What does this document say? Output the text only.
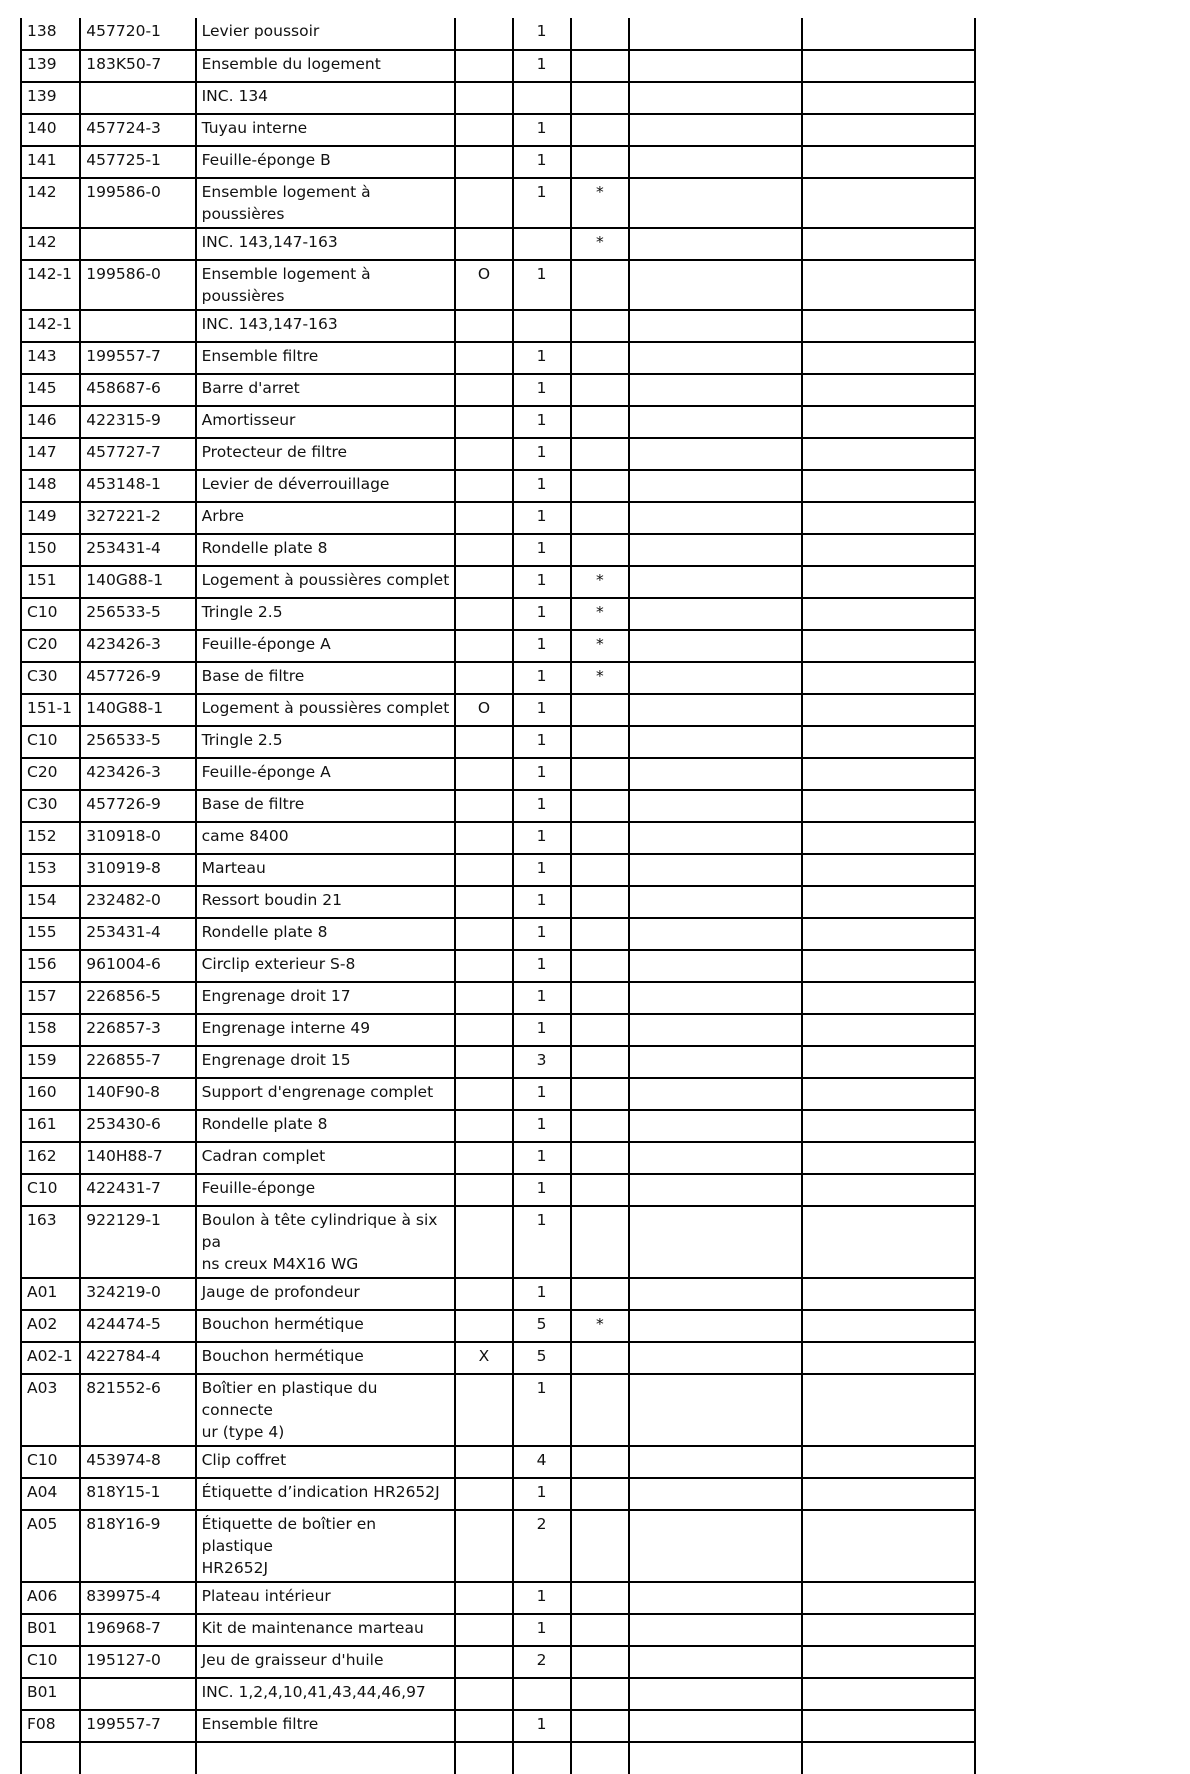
138	457720-1	Levier poussoir		1			
139	183K50-7	Ensemble du logement		1			
139		INC. 134					
140	457724-3	Tuyau interne		1			
141	457725-1	Feuille-éponge B		1			
142	199586-0	Ensemble logement à poussières		1	*		
142		INC. 143,147-163			*		
142-1	199586-0	Ensemble logement à poussières	O	1			
142-1		INC. 143,147-163					
143	199557-7	Ensemble filtre		1			
145	458687-6	Barre d'arret		1			
146	422315-9	Amortisseur		1			
147	457727-7	Protecteur de filtre		1			
148	453148-1	Levier de déverrouillage		1			
149	327221-2	Arbre		1			
150	253431-4	Rondelle plate 8		1			
151	140G88-1	Logement à poussières complet		1	*		
C10	256533-5	Tringle 2.5		1	*		
C20	423426-3	Feuille-éponge A		1	*		
C30	457726-9	Base de filtre		1	*		
151-1	140G88-1	Logement à poussières complet	O	1			
C10	256533-5	Tringle 2.5		1			
C20	423426-3	Feuille-éponge A		1			
C30	457726-9	Base de filtre		1			
152	310918-0	came 8400		1			
153	310919-8	Marteau		1			
154	232482-0	Ressort boudin 21		1			
155	253431-4	Rondelle plate 8		1			
156	961004-6	Circlip exterieur S-8		1			
157	226856-5	Engrenage droit 17		1			
158	226857-3	Engrenage interne 49		1			
159	226855-7	Engrenage droit 15		3			
160	140F90-8	Support d'engrenage complet		1			
161	253430-6	Rondelle plate 8		1			
162	140H88-7	Cadran complet		1			
C10	422431-7	Feuille-éponge		1			
163	922129-1	Boulon à tête cylindrique à six pa
ns creux M4X16 WG		1			
A01	324219-0	Jauge de profondeur		1			
A02	424474-5	Bouchon hermétique		5	*		
A02-1	422784-4	Bouchon hermétique	X	5			
A03	821552-6	Boîtier en plastique du connecte
ur (type 4)		1			
C10	453974-8	Clip coffret		4			
A04	818Y15-1	Étiquette d’indication HR2652J		1			
A05	818Y16-9	Étiquette de boîtier en plastique
HR2652J		2			
A06	839975-4	Plateau intérieur		1			
B01	196968-7	Kit de maintenance marteau		1			
C10	195127-0	Jeu de graisseur d'huile		2			
B01		INC. 1,2,4,10,41,43,44,46,97					
F08	199557-7	Ensemble filtre		1			
